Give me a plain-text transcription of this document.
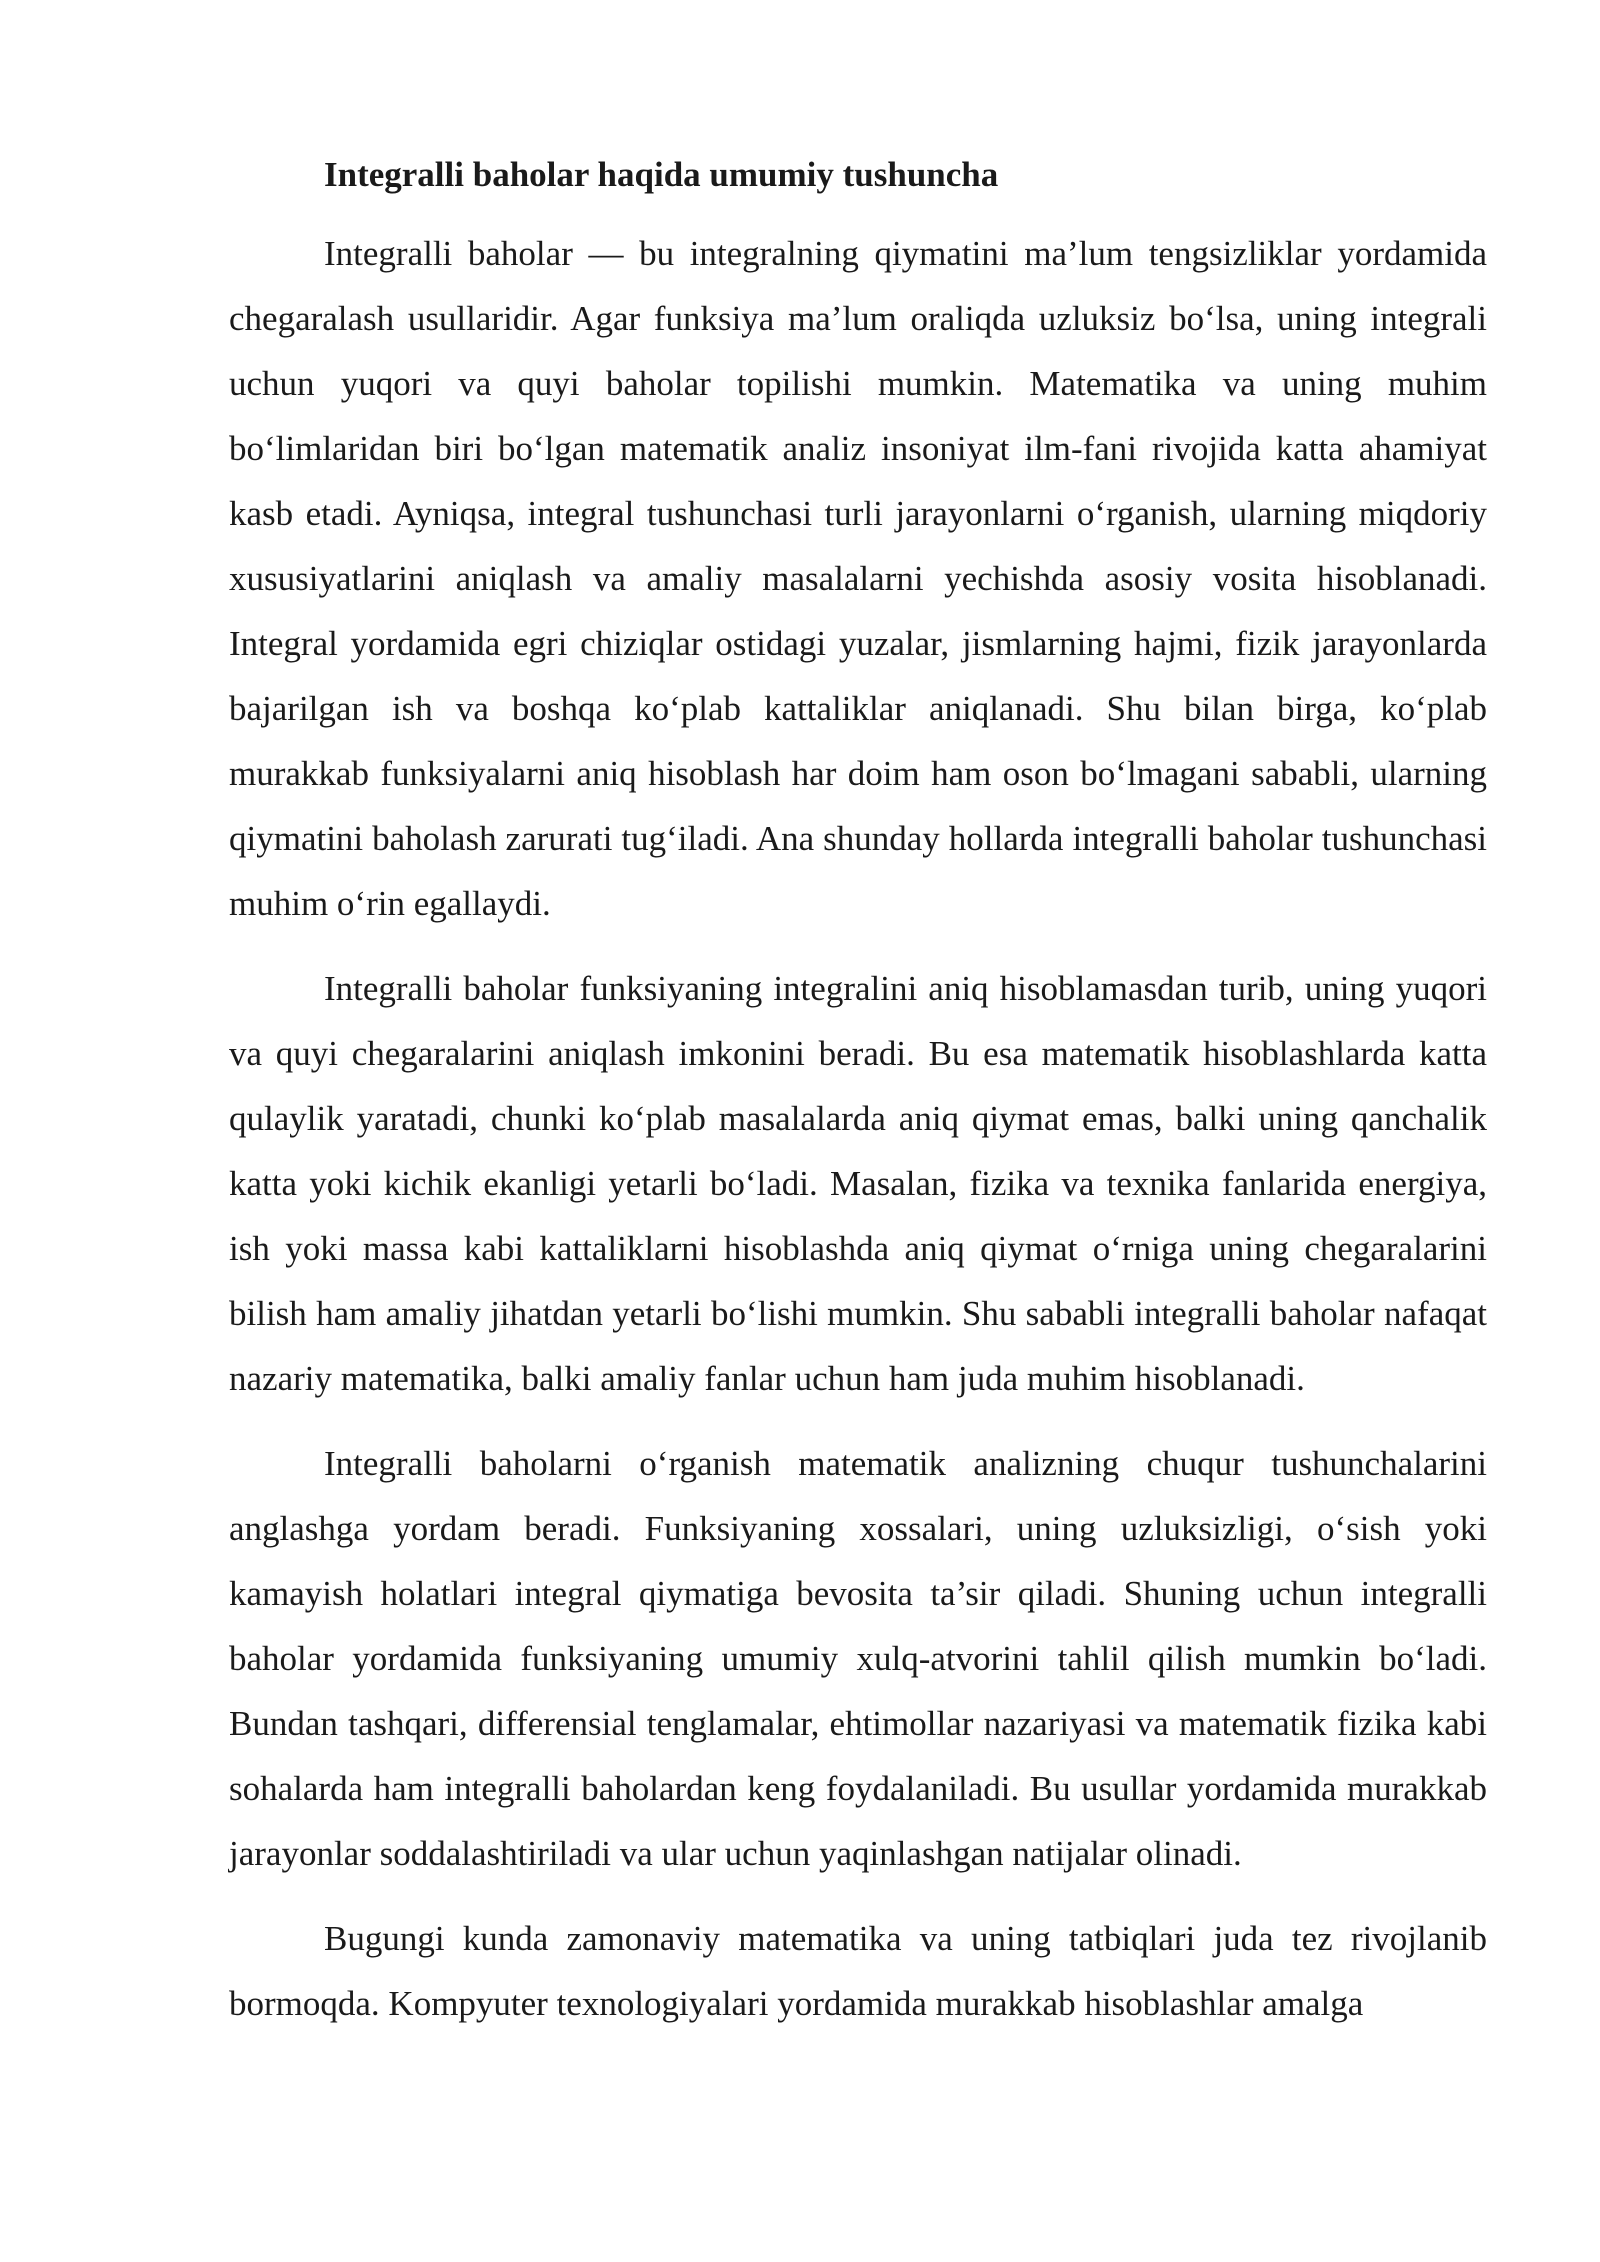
Integralli baholar haqida umumiy tushuncha

Integralli baholar — bu integralning qiymatini ma’lum tengsizliklar yordamida chegaralash usullaridir. Agar funksiya ma’lum oraliqda uzluksiz bo‘lsa, uning integrali uchun yuqori va quyi baholar topilishi mumkin. Matematika va uning muhim bo‘limlaridan biri bo‘lgan matematik analiz insoniyat ilm-fani rivojida katta ahamiyat kasb etadi. Ayniqsa, integral tushunchasi turli jarayonlarni o‘rganish, ularning miqdoriy xususiyatlarini aniqlash va amaliy masalalarni yechishda asosiy vosita hisoblanadi. Integral yordamida egri chiziqlar ostidagi yuzalar, jismlarning hajmi, fizik jarayonlarda bajarilgan ish va boshqa ko‘plab kattaliklar aniqlanadi. Shu bilan birga, ko‘plab murakkab funksiyalarni aniq hisoblash har doim ham oson bo‘lmagani sababli, ularning qiymatini baholash zarurati tug‘iladi. Ana shunday hollarda integralli baholar tushunchasi muhim o‘rin egallaydi.

Integralli baholar funksiyaning integralini aniq hisoblamasdan turib, uning yuqori va quyi chegaralarini aniqlash imkonini beradi. Bu esa matematik hisoblashlarda katta qulaylik yaratadi, chunki ko‘plab masalalarda aniq qiymat emas, balki uning qanchalik katta yoki kichik ekanligi yetarli bo‘ladi. Masalan, fizika va texnika fanlarida energiya, ish yoki massa kabi kattaliklarni hisoblashda aniq qiymat o‘rniga uning chegaralarini bilish ham amaliy jihatdan yetarli bo‘lishi mumkin. Shu sababli integralli baholar nafaqat nazariy matematika, balki amaliy fanlar uchun ham juda muhim hisoblanadi.

Integralli baholarni o‘rganish matematik analizning chuqur tushunchalarini anglashga yordam beradi. Funksiyaning xossalari, uning uzluksizligi, o‘sish yoki kamayish holatlari integral qiymatiga bevosita ta’sir qiladi. Shuning uchun integralli baholar yordamida funksiyaning umumiy xulq-atvorini tahlil qilish mumkin bo‘ladi. Bundan tashqari, differensial tenglamalar, ehtimollar nazariyasi va matematik fizika kabi sohalarda ham integralli baholardan keng foydalaniladi. Bu usullar yordamida murakkab jarayonlar soddalashtiriladi va ular uchun yaqinlashgan natijalar olinadi.

Bugungi kunda zamonaviy matematika va uning tatbiqlari juda tez rivojlanib bormoqda. Kompyuter texnologiyalari yordamida murakkab hisoblashlar amalga
